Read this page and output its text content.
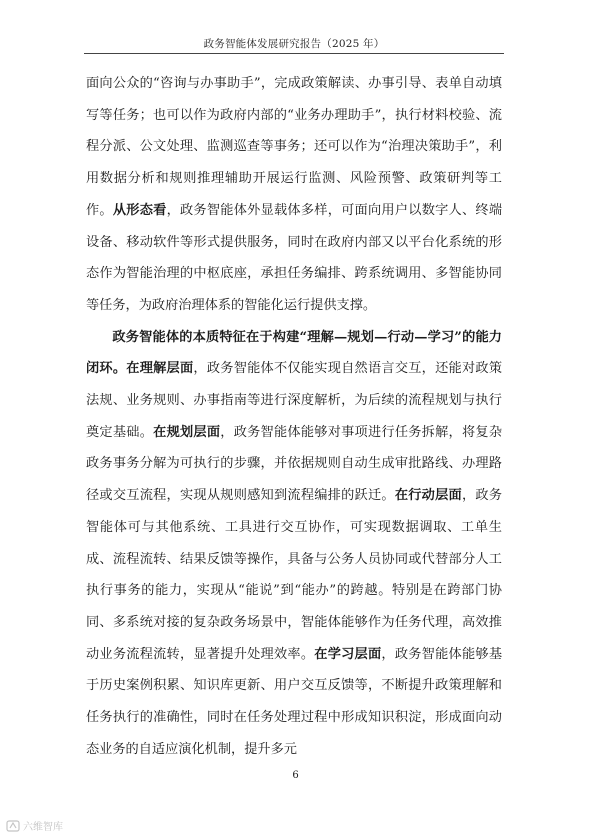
政务智能体发展研究报告（2025 年）

面向公众的“咨询与办事助手”，完成政策解读、办事引导、表单自动填写等任务；也可以作为政府内部的“业务办理助手”，执行材料校验、流程分派、公文处理、监测巡查等事务；还可以作为“治理决策助手”，利用数据分析和规则推理辅助开展运行监测、风险预警、政策研判等工作。从形态看，政务智能体外显载体多样，可面向用户以数字人、终端设备、移动软件等形式提供服务，同时在政府内部又以平台化系统的形态作为智能治理的中枢底座，承担任务编排、跨系统调用、多智能协同等任务，为政府治理体系的智能化运行提供支撑。

政务智能体的本质特征在于构建“理解—规划—行动—学习”的能力闭环。在理解层面，政务智能体不仅能实现自然语言交互，还能对政策法规、业务规则、办事指南等进行深度解析，为后续的流程规划与执行奠定基础。在规划层面，政务智能体能够对事项进行任务拆解，将复杂政务事务分解为可执行的步骤，并依据规则自动生成审批路线、办理路径或交互流程，实现从规则感知到流程编排的跃迁。在行动层面，政务智能体可与其他系统、工具进行交互协作，可实现数据调取、工单生成、流程流转、结果反馈等操作，具备与公务人员协同或代替部分人工执行事务的能力，实现从“能说”到“能办”的跨越。特别是在跨部门协同、多系统对接的复杂政务场景中，智能体能够作为任务代理，高效推动业务流程流转，显著提升处理效率。在学习层面，政务智能体能够基于历史案例积累、知识库更新、用户交互反馈等，不断提升政策理解和任务执行的准确性，同时在任务处理过程中形成知识积淀，形成面向动态业务的自适应演化机制，提升多元

6
六维智库
